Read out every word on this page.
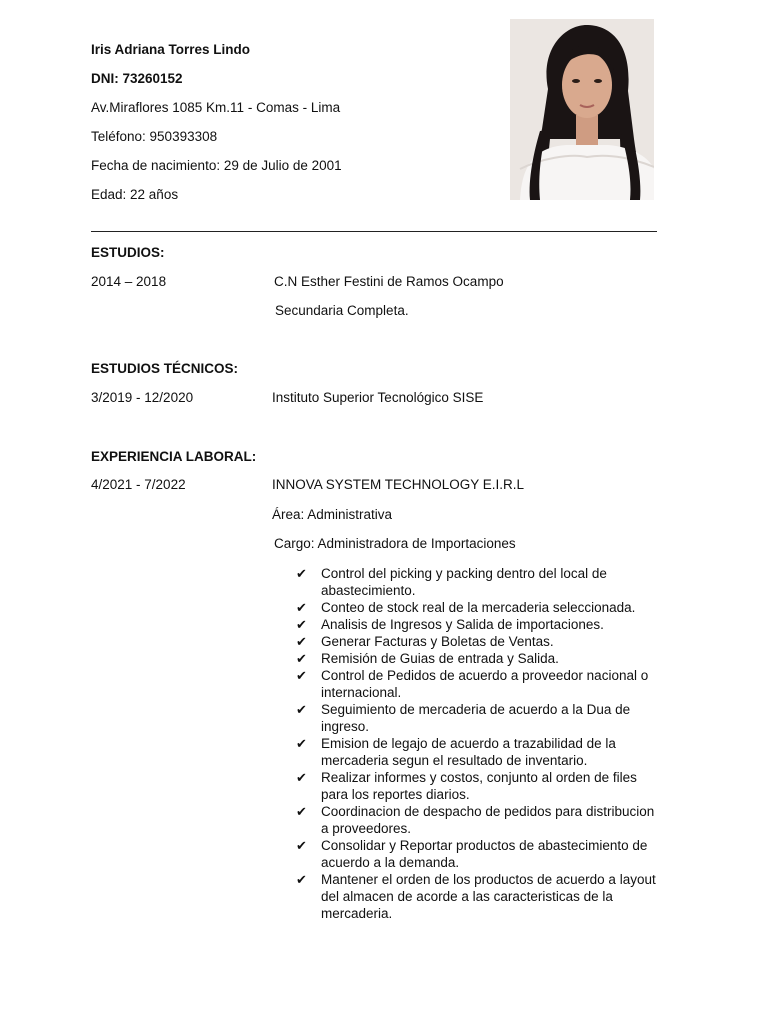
Iris Adriana Torres Lindo
DNI: 73260152
Av.Miraflores 1085 Km.11 - Comas - Lima
Teléfono: 950393308
Fecha de nacimiento: 29 de Julio de 2001
Edad: 22 años
ESTUDIOS:
2014 – 2018	C.N Esther Festini de Ramos Ocampo
Secundaria Completa.
ESTUDIOS TÉCNICOS:
3/2019 - 12/2020	Instituto Superior Tecnológico SISE
EXPERIENCIA LABORAL:
4/2021 - 7/2022	INNOVA SYSTEM TECHNOLOGY E.I.R.L
Área: Administrativa
Cargo: Administradora de Importaciones
✔ Control del picking y packing dentro del local de
abastecimiento.
✔ Conteo de stock real de la mercaderia seleccionada.
✔ Analisis de Ingresos y Salida de importaciones.
✔ Generar Facturas y Boletas de Ventas.
✔ Remisión de Guias de entrada y Salida.
✔ Control de Pedidos de acuerdo a proveedor nacional o
internacional.
✔ Seguimiento de mercaderia de acuerdo a la Dua de
ingreso.
✔ Emision de legajo de acuerdo a trazabilidad de la
mercaderia segun el resultado de inventario.
✔ Realizar informes y costos, conjunto al orden de files
para los reportes diarios.
✔ Coordinacion de despacho de pedidos para distribucion
a proveedores.
✔ Consolidar y Reportar productos de abastecimiento de
acuerdo a la demanda.
✔ Mantener el orden de los productos de acuerdo a layout
del almacen de acorde a las caracteristicas de la
mercaderia.
